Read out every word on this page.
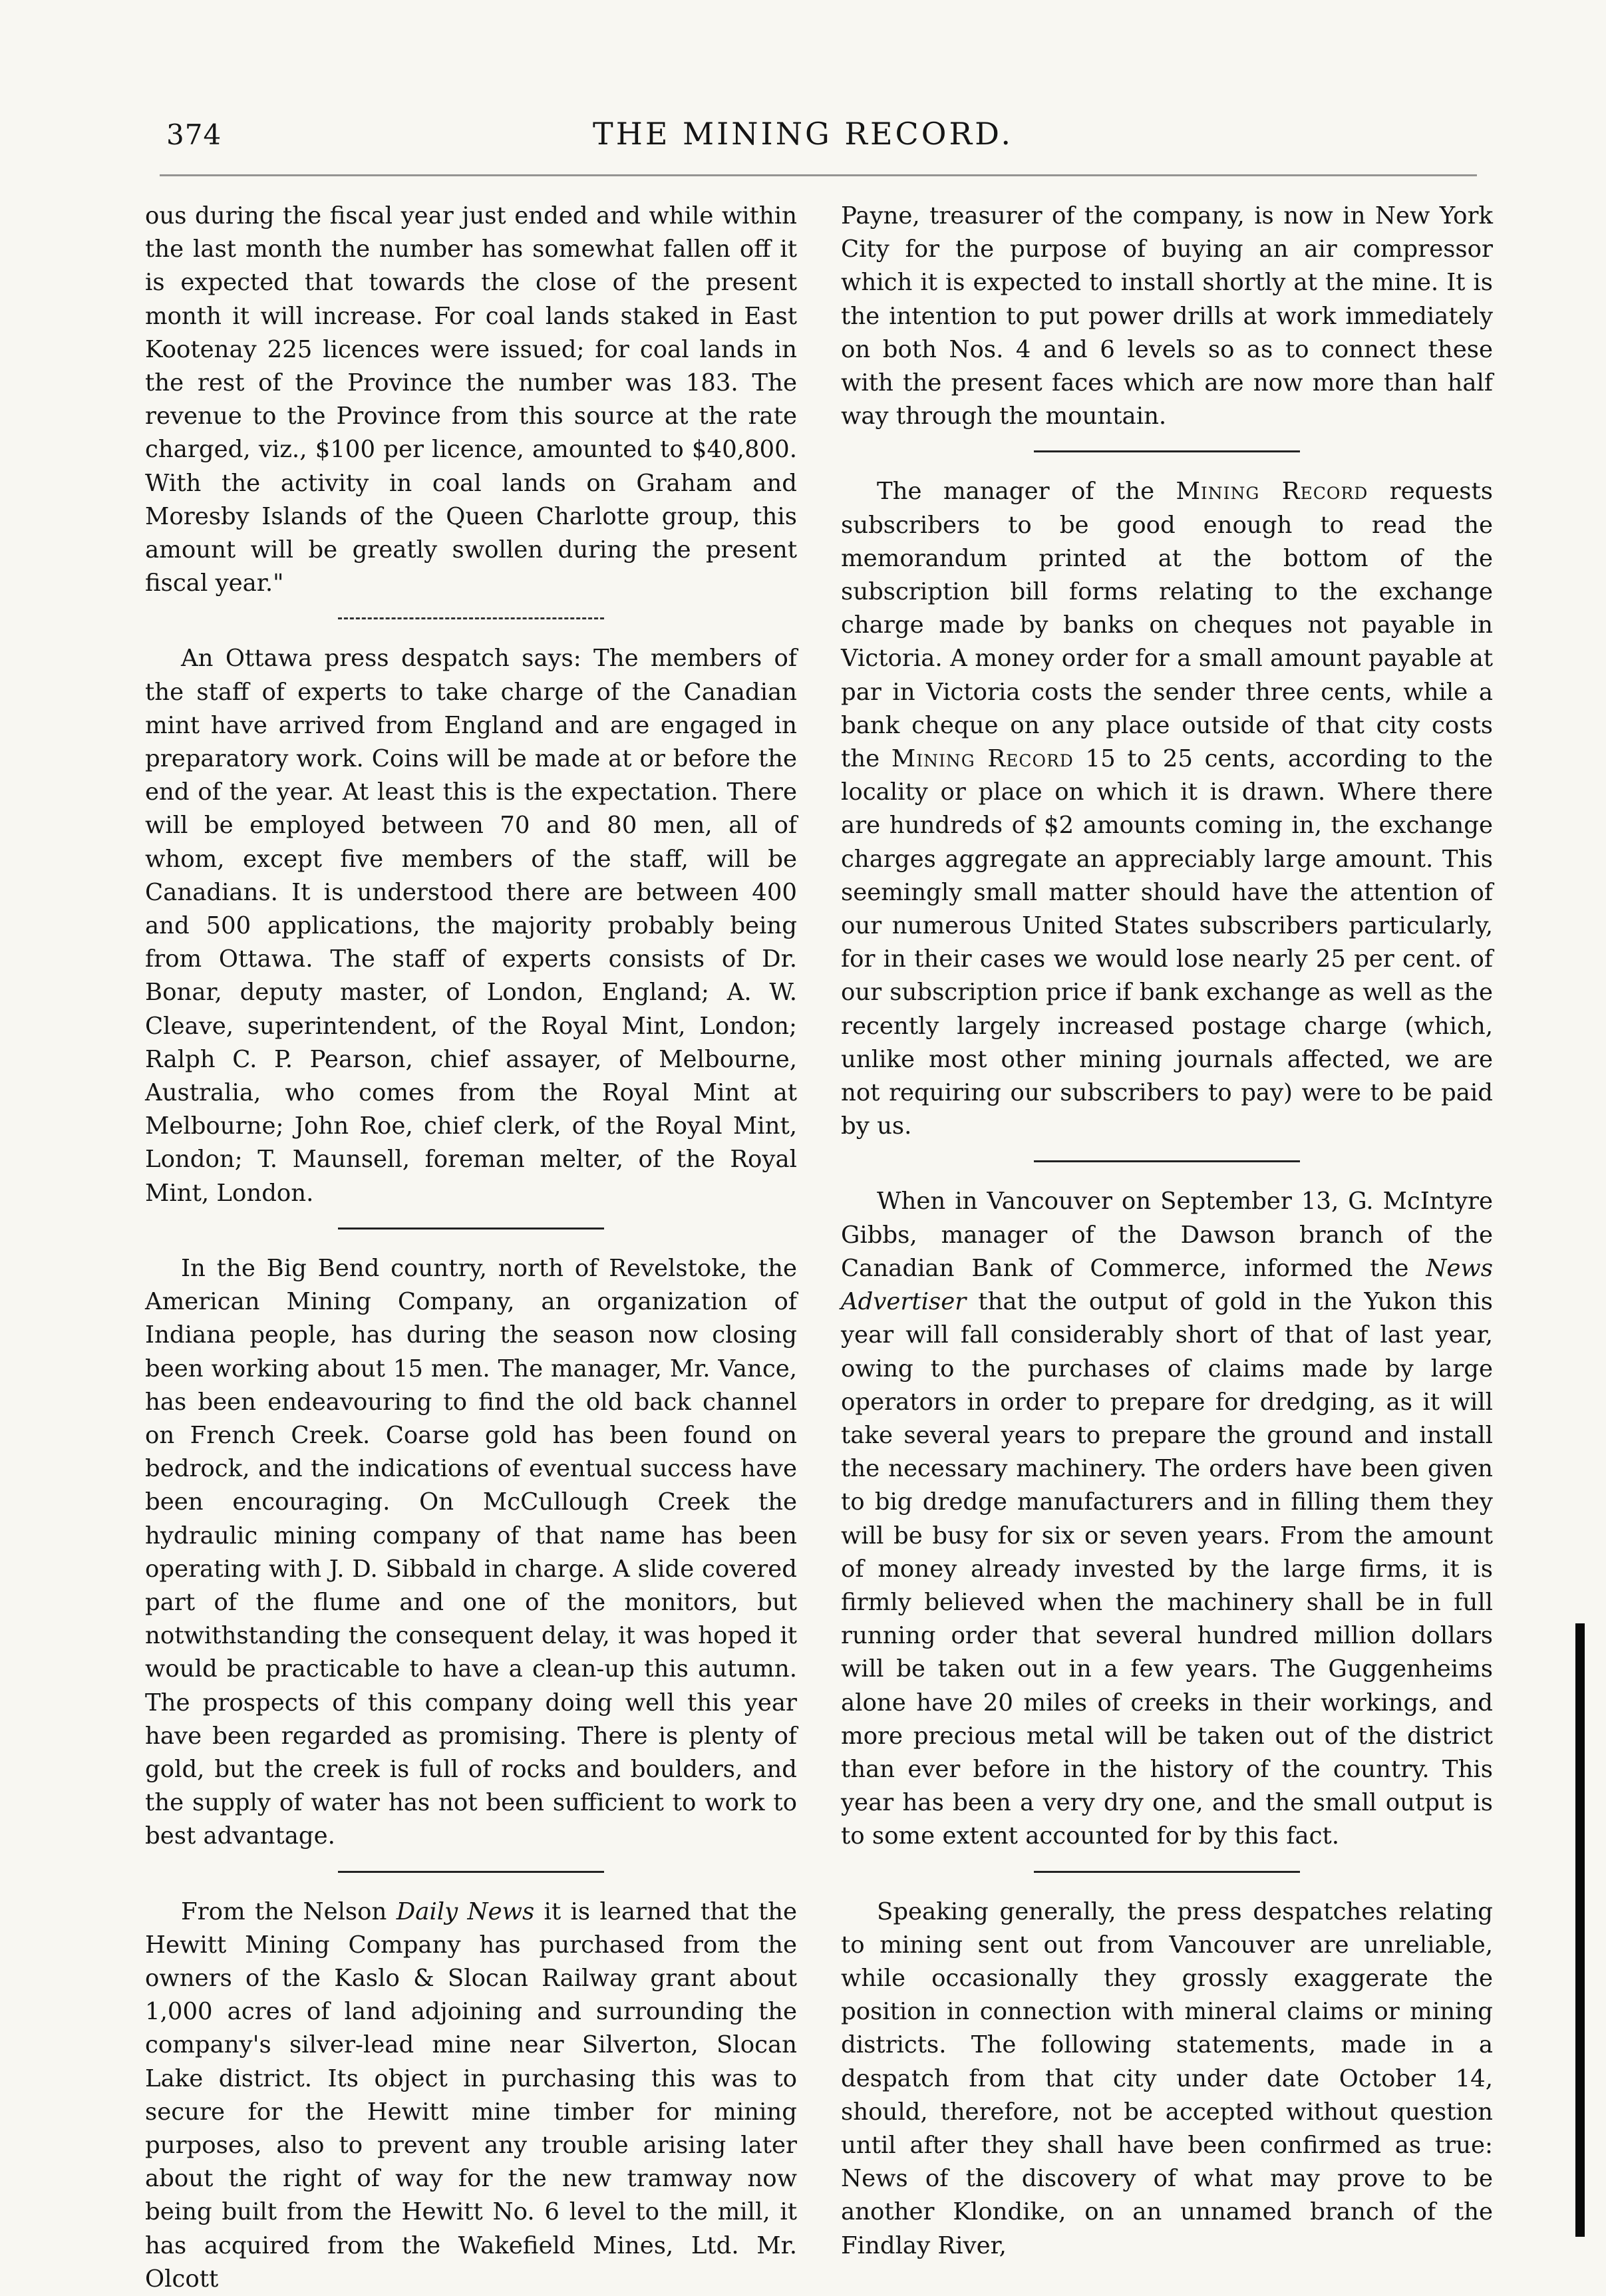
374	THE MINING RECORD.

ous during the fiscal year just ended and while within the last month the number has somewhat fallen off it is expected that towards the close of the present month it will increase. For coal lands staked in East Kootenay 225 licences were issued; for coal lands in the rest of the Province the number was 183. The revenue to the Province from this source at the rate charged, viz., $100 per licence, amounted to $40,800. With the activity in coal lands on Graham and Moresby Islands of the Queen Charlotte group, this amount will be greatly swollen during the present fiscal year."

An Ottawa press despatch says: The members of the staff of experts to take charge of the Canadian mint have arrived from England and are engaged in preparatory work. Coins will be made at or before the end of the year. At least this is the expectation. There will be employed between 70 and 80 men, all of whom, except five members of the staff, will be Canadians. It is understood there are between 400 and 500 applications, the majority probably being from Ottawa. The staff of experts consists of Dr. Bonar, deputy master, of London, England; A. W. Cleave, superintendent, of the Royal Mint, London; Ralph C. P. Pearson, chief assayer, of Melbourne, Australia, who comes from the Royal Mint at Melbourne; John Roe, chief clerk, of the Royal Mint, London; T. Maunsell, foreman melter, of the Royal Mint, London.

In the Big Bend country, north of Revelstoke, the American Mining Company, an organization of Indiana people, has during the season now closing been working about 15 men. The manager, Mr. Vance, has been endeavouring to find the old back channel on French Creek. Coarse gold has been found on bedrock, and the indications of eventual success have been encouraging. On McCullough Creek the hydraulic mining company of that name has been operating with J. D. Sibbald in charge. A slide covered part of the flume and one of the monitors, but notwithstanding the consequent delay, it was hoped it would be practicable to have a clean-up this autumn. The prospects of this company doing well this year have been regarded as promising. There is plenty of gold, but the creek is full of rocks and boulders, and the supply of water has not been sufficient to work to best advantage.

From the Nelson Daily News it is learned that the Hewitt Mining Company has purchased from the owners of the Kaslo & Slocan Railway grant about 1,000 acres of land adjoining and surrounding the company's silver-lead mine near Silverton, Slocan Lake district. Its object in purchasing this was to secure for the Hewitt mine timber for mining purposes, also to prevent any trouble arising later about the right of way for the new tramway now being built from the Hewitt No. 6 level to the mill, it has acquired from the Wakefield Mines, Ltd. Mr. Olcott

Payne, treasurer of the company, is now in New York City for the purpose of buying an air compressor which it is expected to install shortly at the mine. It is the intention to put power drills at work immediately on both Nos. 4 and 6 levels so as to connect these with the present faces which are now more than half way through the mountain.

The manager of the Mining Record requests subscribers to be good enough to read the memorandum printed at the bottom of the subscription bill forms relating to the exchange charge made by banks on cheques not payable in Victoria. A money order for a small amount payable at par in Victoria costs the sender three cents, while a bank cheque on any place outside of that city costs the Mining Record 15 to 25 cents, according to the locality or place on which it is drawn. Where there are hundreds of $2 amounts coming in, the exchange charges aggregate an appreciably large amount. This seemingly small matter should have the attention of our numerous United States subscribers particularly, for in their cases we would lose nearly 25 per cent. of our subscription price if bank exchange as well as the recently largely increased postage charge (which, unlike most other mining journals affected, we are not requiring our subscribers to pay) were to be paid by us.

When in Vancouver on September 13, G. McIntyre Gibbs, manager of the Dawson branch of the Canadian Bank of Commerce, informed the News Advertiser that the output of gold in the Yukon this year will fall considerably short of that of last year, owing to the purchases of claims made by large operators in order to prepare for dredging, as it will take several years to prepare the ground and install the necessary machinery. The orders have been given to big dredge manufacturers and in filling them they will be busy for six or seven years. From the amount of money already invested by the large firms, it is firmly believed when the machinery shall be in full running order that several hundred million dollars will be taken out in a few years. The Guggenheims alone have 20 miles of creeks in their workings, and more precious metal will be taken out of the district than ever before in the history of the country. This year has been a very dry one, and the small output is to some extent accounted for by this fact.

Speaking generally, the press despatches relating to mining sent out from Vancouver are unreliable, while occasionally they grossly exaggerate the position in connection with mineral claims or mining districts. The following statements, made in a despatch from that city under date October 14, should, therefore, not be accepted without question until after they shall have been confirmed as true: News of the discovery of what may prove to be another Klondike, on an unnamed branch of the Findlay River,
